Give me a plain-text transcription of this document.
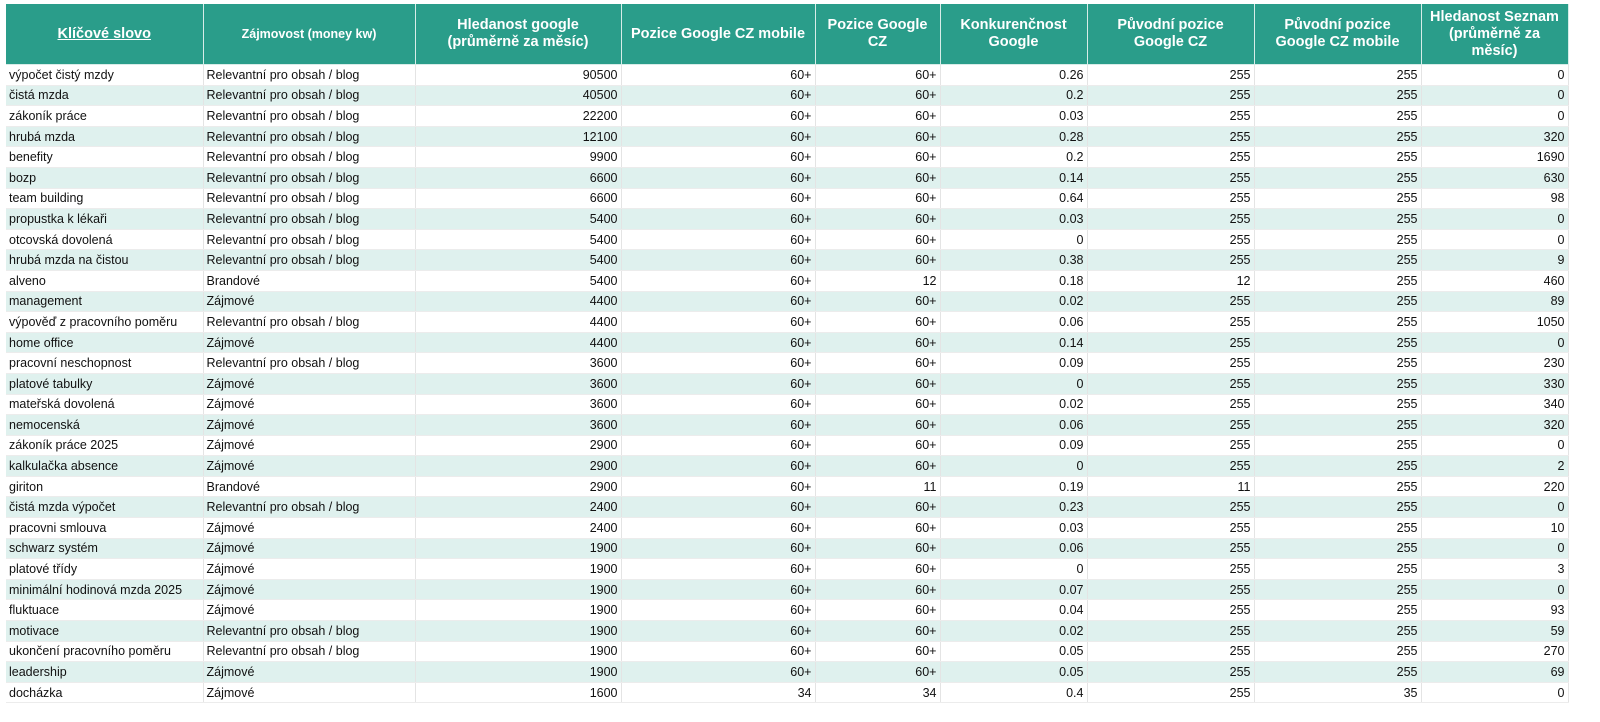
Klíčové slovo	Zájmovost (money kw)	Hledanost google (průměrně za měsíc)	Pozice Google CZ mobile	Pozice Google CZ	Konkurenčnost Google	Původní pozice Google CZ	Původní pozice Google CZ mobile	Hledanost Seznam (průměrně za měsíc)
výpočet čistý mzdy	Relevantní pro obsah / blog	90500	60+	60+	0.26	255	255	0
čistá mzda	Relevantní pro obsah / blog	40500	60+	60+	0.2	255	255	0
zákoník práce	Relevantní pro obsah / blog	22200	60+	60+	0.03	255	255	0
hrubá mzda	Relevantní pro obsah / blog	12100	60+	60+	0.28	255	255	320
benefity	Relevantní pro obsah / blog	9900	60+	60+	0.2	255	255	1690
bozp	Relevantní pro obsah / blog	6600	60+	60+	0.14	255	255	630
team building	Relevantní pro obsah / blog	6600	60+	60+	0.64	255	255	98
propustka k lékaři	Relevantní pro obsah / blog	5400	60+	60+	0.03	255	255	0
otcovská dovolená	Relevantní pro obsah / blog	5400	60+	60+	0	255	255	0
hrubá mzda na čistou	Relevantní pro obsah / blog	5400	60+	60+	0.38	255	255	9
alveno	Brandové	5400	60+	12	0.18	12	255	460
management	Zájmové	4400	60+	60+	0.02	255	255	89
výpověď z pracovního poměru	Relevantní pro obsah / blog	4400	60+	60+	0.06	255	255	1050
home office	Zájmové	4400	60+	60+	0.14	255	255	0
pracovní neschopnost	Relevantní pro obsah / blog	3600	60+	60+	0.09	255	255	230
platové tabulky	Zájmové	3600	60+	60+	0	255	255	330
mateřská dovolená	Zájmové	3600	60+	60+	0.02	255	255	340
nemocenská	Zájmové	3600	60+	60+	0.06	255	255	320
zákoník práce 2025	Zájmové	2900	60+	60+	0.09	255	255	0
kalkulačka absence	Zájmové	2900	60+	60+	0	255	255	2
giriton	Brandové	2900	60+	11	0.19	11	255	220
čistá mzda výpočet	Relevantní pro obsah / blog	2400	60+	60+	0.23	255	255	0
pracovni smlouva	Zájmové	2400	60+	60+	0.03	255	255	10
schwarz systém	Zájmové	1900	60+	60+	0.06	255	255	0
platové třídy	Zájmové	1900	60+	60+	0	255	255	3
minimální hodinová mzda 2025	Zájmové	1900	60+	60+	0.07	255	255	0
fluktuace	Zájmové	1900	60+	60+	0.04	255	255	93
motivace	Relevantní pro obsah / blog	1900	60+	60+	0.02	255	255	59
ukončení pracovního poměru	Relevantní pro obsah / blog	1900	60+	60+	0.05	255	255	270
leadership	Zájmové	1900	60+	60+	0.05	255	255	69
docházka	Zájmové	1600	34	34	0.4	255	35	0
